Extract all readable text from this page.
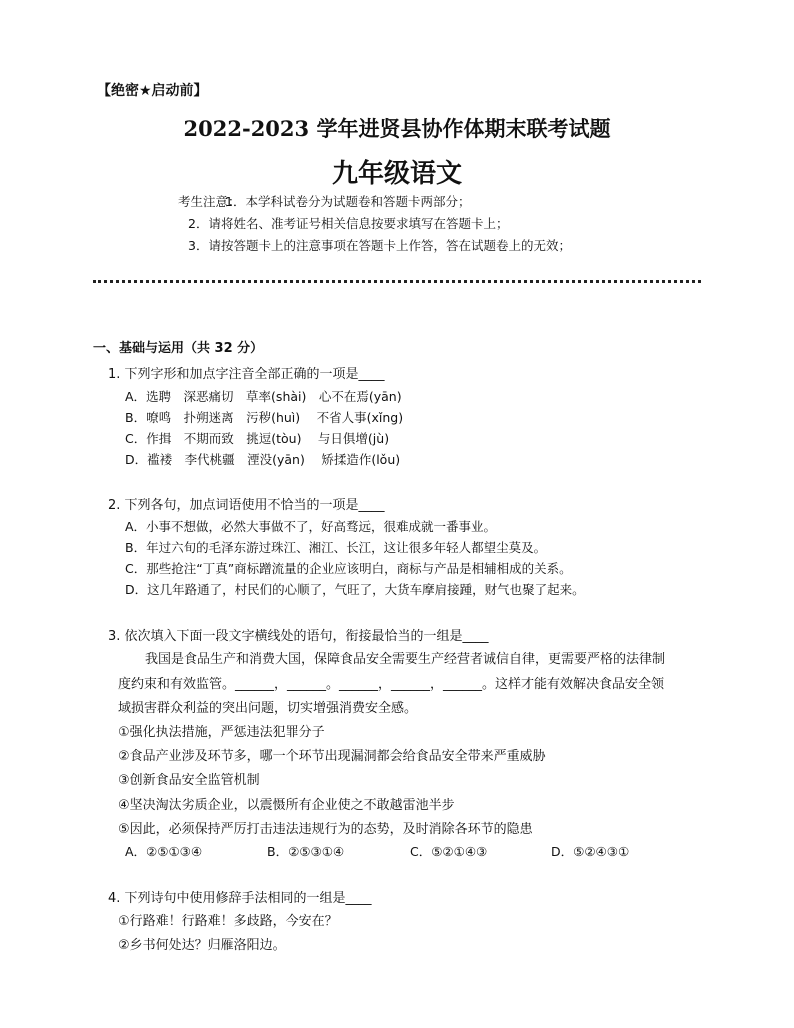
【绝密★启动前】
2022-2023 学年进贤县协作体期末联考试题
九年级语文
考生注意：
1．本学科试卷分为试题卷和答题卡两部分；
2．请将姓名、准考证号相关信息按要求填写在答题卡上；
3．请按答题卡上的注意事项在答题卡上作答，答在试题卷上的无效；
一、基础与运用（共 32 分）
1. 下列字形和加点字注音全部正确的一项是____
A．选聘　深恶痛切　草率(shài)　心不在焉(yān)
B．嘹鸣　扑朔迷离　污秽(huì)　 不省人事(xǐng)
C．作揖　不期而致　挑逗(tòu)　 与日俱增(jù)
D．褴褛　李代桃疆　湮没(yān)　 矫揉造作(lǒu)
2. 下列各句，加点词语使用不恰当的一项是____
A．小事不想做，必然大事做不了，好高骛远，很难成就一番事业。
B．年过六旬的毛泽东游过珠江、湘江、长江，这让很多年轻人都望尘莫及。
C．那些抢注“丁真”商标蹭流量的企业应该明白，商标与产品是相辅相成的关系。
D．这几年路通了，村民们的心顺了，气旺了，大货车摩肩接踵，财气也聚了起来。
3. 依次填入下面一段文字横线处的语句，衔接最恰当的一组是____
我国是食品生产和消费大国，保障食品安全需要生产经营者诚信自律，更需要严格的法律制
度约束和有效监管。______，______。______，______，______。这样才能有效解决食品安全领
域损害群众利益的突出问题，切实增强消费安全感。
①强化执法措施，严惩违法犯罪分子
②食品产业涉及环节多，哪一个环节出现漏洞都会给食品安全带来严重威胁
③创新食品安全监管机制
④坚决淘汰劣质企业，以震慑所有企业使之不敢越雷池半步
⑤因此，必须保持严厉打击违法违规行为的态势，及时消除各环节的隐患
A．②⑤①③④	B．②⑤③①④	C．⑤②①④③	D．⑤②④③①
4. 下列诗句中使用修辞手法相同的一组是____
①行路难！行路难！多歧路，今安在？
②乡书何处达？归雁洛阳边。
